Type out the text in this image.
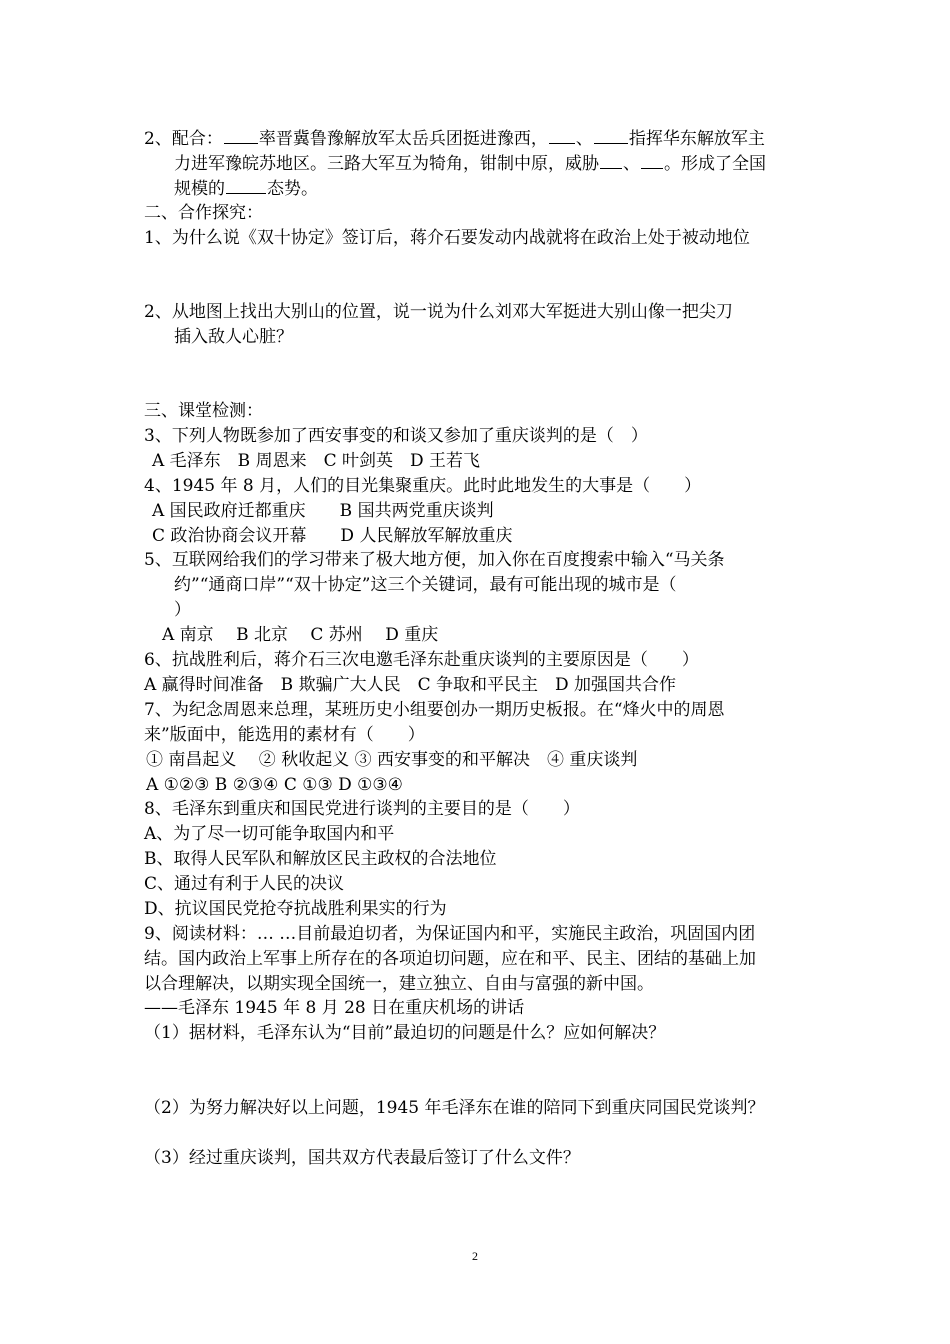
2、配合： 率晋冀鲁豫解放军太岳兵团挺进豫西， 、 指挥华东解放军主
力进军豫皖苏地区。三路大军互为犄角，钳制中原，威胁 、 。形成了全国
规模的 态势。
二、合作探究：
1、为什么说《双十协定》签订后，蒋介石要发动内战就将在政治上处于被动地位
2、从地图上找出大别山的位置，说一说为什么刘邓大军挺进大别山像一把尖刀
插入敌人心脏？
三、课堂检测：
3、下列人物既参加了西安事变的和谈又参加了重庆谈判的是（　）
A 毛泽东　B 周恩来　C 叶剑英　D 王若飞
4、1945 年 8 月，人们的目光集聚重庆。此时此地发生的大事是（　　）
A 国民政府迁都重庆　　B 国共两党重庆谈判
C 政治协商会议开幕　　D 人民解放军解放重庆
5、互联网给我们的学习带来了极大地方便，加入你在百度搜索中输入“马关条
约”“通商口岸”“双十协定”这三个关键词，最有可能出现的城市是（
）
A 南京　 B 北京　 C 苏州　 D 重庆
6、抗战胜利后，蒋介石三次电邀毛泽东赴重庆谈判的主要原因是（　　）
A 赢得时间准备　B 欺骗广大人民　C 争取和平民主　D 加强国共合作
7、为纪念周恩来总理，某班历史小组要创办一期历史板报。在“烽火中的周恩
来”版面中，能选用的素材有（　　）
① 南昌起义　 ② 秋收起义 ③ 西安事变的和平解决　④ 重庆谈判
A ①②③ B ②③④ C ①③ D ①③④
8、毛泽东到重庆和国民党进行谈判的主要目的是（　　）
A、为了尽一切可能争取国内和平
B、取得人民军队和解放区民主政权的合法地位
C、通过有利于人民的决议
D、抗议国民党抢夺抗战胜利果实的行为
9、阅读材料：… …目前最迫切者，为保证国内和平，实施民主政治，巩固国内团
结。国内政治上军事上所存在的各项迫切问题，应在和平、民主、团结的基础上加
以合理解决，以期实现全国统一，建立独立、自由与富强的新中国。
——毛泽东 1945 年 8 月 28 日在重庆机场的讲话
（1）据材料，毛泽东认为“目前”最迫切的问题是什么？应如何解决？
（2）为努力解决好以上问题，1945 年毛泽东在谁的陪同下到重庆同国民党谈判？
（3）经过重庆谈判，国共双方代表最后签订了什么文件？
2
